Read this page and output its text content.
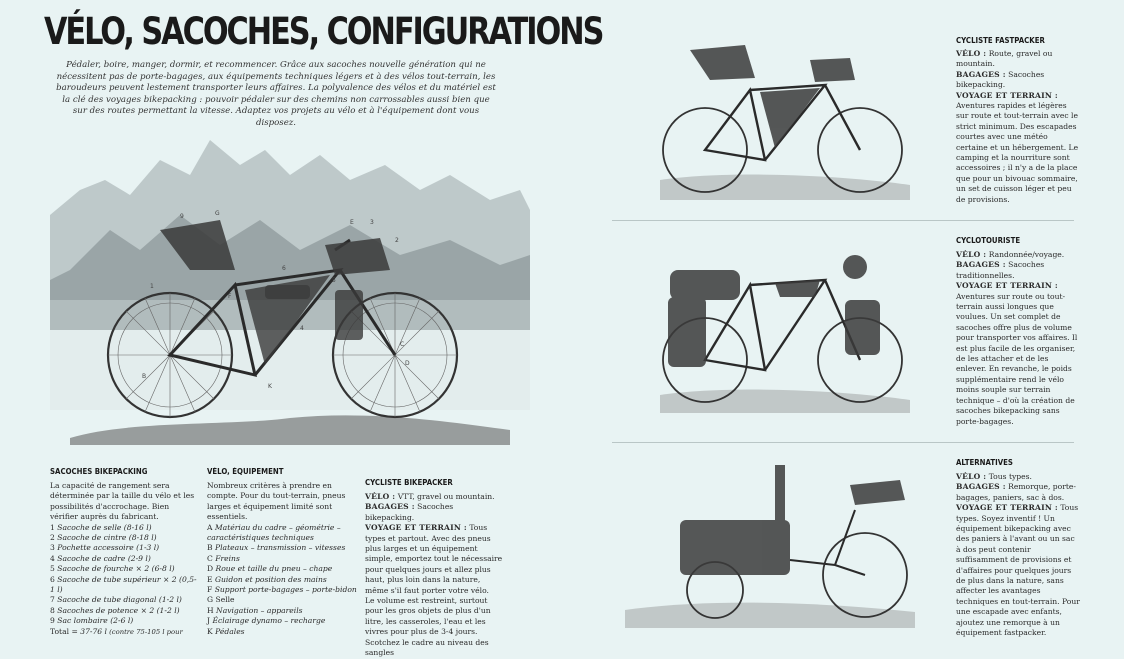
VÉLO, SACOCHES, CONFIGURATIONS
Pédaler, boire, manger, dormir, et recommencer. Grâce aux sacoches nouvelle génération qui ne nécessitent pas de porte-bagages, aux équipements techniques légers et à des vélos tout-terrain, les baroudeurs peuvent lestement transporter leurs affaires. La polyvalence des vélos et du matériel est la clé des voyages bikepacking : pouvoir pédaler sur des chemins non carrossables aussi bien que sur des routes permettant la vitesse. Adaptez vos projets au vélo et à l'équipement dont vous disposez.
9	G
E	3
2
1
F
6
4
B
K
C
5
D
SACOCHES BIKEPACKING

La capacité de rangement sera déterminée par la taille du vélo et les possibilités d'accrochage. Bien vérifier auprès du fabricant.

1 Sacoche de selle (8-16 l)

2 Sacoche de cintre (8-18 l)

3 Pochette accessoire (1-3 l)

4 Sacoche de cadre (2-9 l)

5 Sacoche de fourche × 2 (6-8 l)

6 Sacoche de tube supérieur × 2 (0,5-1 l)

7 Sacoche de tube diagonal (1-2 l)

8 Sacoches de potence × 2 (1-2 l)

9 Sac lombaire (2-6 l)

Total = 37-76 l (contre 75-105 l pour

VÉLO, ÉQUIPEMENT

Nombreux critères à prendre en compte. Pour du tout-terrain, pneus larges et équipement limité sont essentiels.

A Matériau du cadre – géométrie – caractéristiques techniques

B Plateaux – transmission – vitesses

C Freins

D Roue et taille du pneu – chape

E Guidon et position des mains

F Support porte-bagages – porte-bidon

G Selle

H Navigation – appareils

J Éclairage dynamo – recharge

K Pédales

CYCLISTE BIKEPACKER

VÉLO : VTT, gravel ou mountain.

BAGAGES : Sacoches bikepacking.

VOYAGE ET TERRAIN : Tous types et partout. Avec des pneus plus larges et un équipement simple, emportez tout le nécessaire pour quelques jours et allez plus haut, plus loin dans la nature, même s'il faut porter votre vélo.

Le volume est restreint, surtout pour les gros objets de plus d'un litre, les casseroles, l'eau et les vivres pour plus de 3-4 jours.

Scotchez le cadre au niveau des sangles

CYCLISTE FASTPACKER

VÉLO : Route, gravel ou mountain.

BAGAGES : Sacoches bikepacking.

VOYAGE ET TERRAIN :

Aventures rapides et légères sur route et tout-terrain avec le strict minimum. Des escapades courtes avec une météo certaine et un hébergement. Le camping et la nourriture sont accessoires ; il n'y a de la place que pour un bivouac sommaire, un set de cuisson léger et peu de provisions.

CYCLOTOURISTE

VÉLO : Randonnée/voyage.

BAGAGES : Sacoches traditionnelles.

VOYAGE ET TERRAIN :

Aventures sur route ou tout-terrain aussi longues que voulues. Un set complet de sacoches offre plus de volume pour transporter vos affaires. Il est plus facile de les organiser, de les attacher et de les enlever. En revanche, le poids supplémentaire rend le vélo moins souple sur terrain technique – d'où la création de sacoches bikepacking sans porte-bagages.

ALTERNATIVES

VÉLO : Tous types.

BAGAGES : Remorque, porte-bagages, paniers, sac à dos.

VOYAGE ET TERRAIN : Tous types. Soyez inventif ! Un équipement bikepacking avec des paniers à l'avant ou un sac à dos peut contenir suffisamment de provisions et d'affaires pour quelques jours de plus dans la nature, sans affecter les avantages techniques en tout-terrain. Pour une escapade avec enfants, ajoutez une remorque à un équipement fastpacker.
